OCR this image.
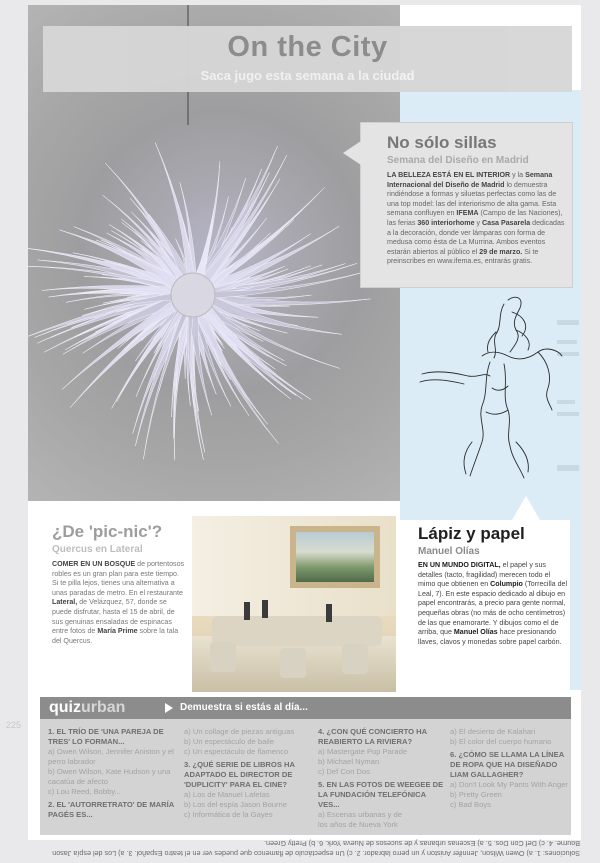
On the City
Saca jugo esta semana a la ciudad
No sólo sillas
Semana del Diseño en Madrid
LA BELLEZA ESTÁ EN EL INTERIOR y la Semana Internacional del Diseño de Madrid lo demuestra rindiéndose a formas y siluetas perfectas como las de una top model: las del interiorismo de alta gama. Esta semana confluyen en IFEMA (Campo de las Naciones), las ferias 360 interiorhome y Casa Pasarela dedicadas a la decoración, donde ver lámparas con forma de medusa como ésta de La Murrina. Ambos eventos estarán abiertos al público el 29 de marzo. Si te preinscribes en www.ifema.es, entrarás gratis.
¿De 'pic-nic'?
Quercus en Lateral
COMER EN UN BOSQUE de portentosos robles es un gran plan para este tiempo. Si te pilla lejos, tienes una alternativa a unas paradas de metro. En el restaurante Lateral, de Velázquez, 57, donde se puede disfrutar, hasta el 15 de abril, de sus genuinas ensaladas de espinacas entre fotos de María Prime sobre la tala del Quercus.
Lápiz y papel
Manuel Olías
EN UN MUNDO DIGITAL, el papel y sus detalles (tacto, fragilidad) merecen todo el mimo que obtienen en Columpio (Torrecilla del Leal, 7). En este espacio dedicado al dibujo en papel encontrarás, a precio para gente normal, pequeñas obras (no más de ocho centímetros) de las que enamorarte. Y dibujos como el de arriba, que Manuel Olías hace presionando llaves, clavos y monedas sobre papel carbón.
quizurban	Demuestra si estás al día...
1. EL TRÍO DE 'UNA PAREJA DE TRES' LO FORMAN...
a) Owen Wilson, Jennifer Aniston y el perro labrador
b) Owen Wilson, Kate Hudson y una cacatúa de afecto
c) Lou Reed, Bobby...
2. EL 'AUTORRETRATO' DE MARÍA PAGÉS ES...
a) Un collage de piezas antiguas
b) Un espectáculo de baile
c) Un espectáculo de flamenco
3. ¿QUÉ SERIE DE LIBROS HA ADAPTADO EL DIRECTOR DE 'DUPLICITY' PARA EL CINE?
a) Los de Manuel Lafetas
b) Los del espía Jason Bourne
c) Informática de la Gayes
4. ¿CON QUÉ CONCIERTO HA REABIERTO LA RIVIERA?
a) Mastergate Pop Parade
b) Michael Nyman
c) Def Con Dos
5. EN LAS FOTOS DE WEEGEE DE LA FUNDACIÓN TELEFÓNICA VES...
a) Escenas urbanas y de
los años de Nueva York
a) El desierto de Kalahari
b) El color del cuerpo humano
6. ¿CÓMO SE LLAMA LA LÍNEA DE ROPA QUE HA DISEÑADO LIAM GALLAGHER?
a) Don't Look My Pants With Anger
b) Pretty Green
c) Bad Boys
225
Soluciones: 1. a) Owen Wilson, Jennifer Aniston y un perro labrador. 2. c) Un espectáculo de flamenco que puedes ver en el teatro Español. 3. a) Los del espía Jason Bourne. 4. c) Def Con Dos. 5. a) Escenas urbanas y de sucesos de Nueva York. 6. b) Pretty Green.
